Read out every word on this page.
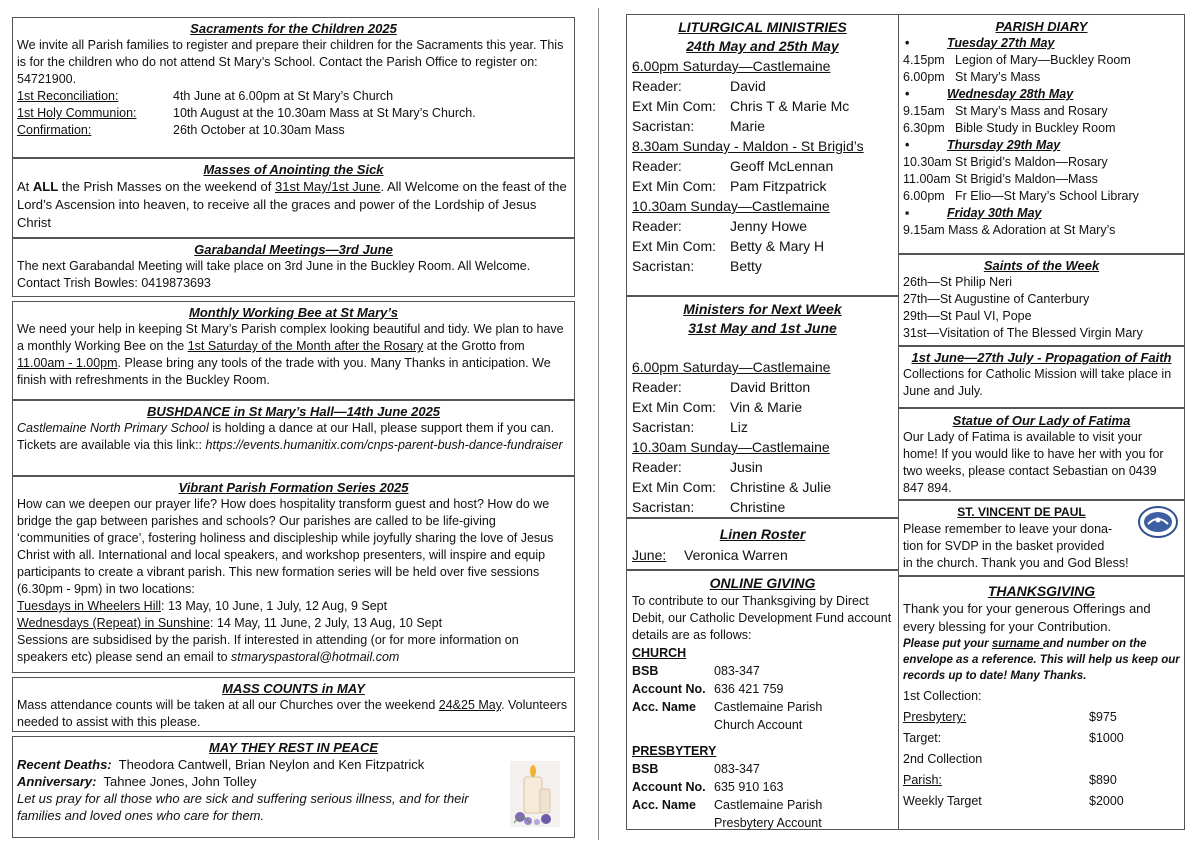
Sacraments for the Children 2025

We invite all Parish families to register and prepare their children for the Sacraments this year. This is for the children who do not attend St Mary’s School. Contact the Parish Office to register on: 54721900.

1st Reconciliation:	4th June at 6.00pm at St Mary’s Church
1st Holy Communion:	10th August at the 10.30am Mass at St Mary’s Church.
Confirmation:	26th October at 10.30am Mass
Masses of Anointing the Sick

At ALL the Prish Masses on the weekend of 31st May/1st June. All Welcome on the feast of the Lord’s Ascension into heaven, to receive all the graces and power of the Lordship of Jesus Christ

Garabandal Meetings—3rd June

The next Garabandal Meeting will take place on 3rd June in the Buckley Room. All Welcome. Contact Trish Bowles: 0419873693

Monthly Working Bee at St Mary’s

We need your help in keeping St Mary’s Parish complex looking beautiful and tidy. We plan to have a monthly Working Bee on the 1st Saturday of the Month after the Rosary at the Grotto from 11.00am - 1.00pm. Please bring any tools of the trade with you. Many Thanks in anticipation. We finish with refreshments in the Buckley Room.

BUSHDANCE in St Mary’s Hall—14th June 2025

Castlemaine North Primary School is holding a dance at our Hall, please support them if you can. Tickets are available via this link:: https://events.humanitix.com/cnps-parent-bush-dance-fundraiser

Vibrant Parish Formation Series 2025

How can we deepen our prayer life? How does hospitality transform guest and host? How do we bridge the gap between parishes and schools? Our parishes are called to be life-giving ‘communities of grace’, fostering holiness and discipleship while joyfully sharing the love of Jesus Christ with all. International and local speakers, and workshop presenters, will inspire and equip participants to create a vibrant parish. This new formation series will be held over five sessions (6.30pm - 9pm) in two locations:

Tuesdays in Wheelers Hill: 13 May, 10 June, 1 July, 12 Aug, 9 Sept

Wednesdays (Repeat) in Sunshine: 14 May, 11 June, 2 July, 13 Aug, 10 Sept

Sessions are subsidised by the parish. If interested in attending (or for more information on speakers etc) please send an email to stmaryspastoral@hotmail.com

MASS COUNTS in MAY

Mass attendance counts will be taken at all our Churches over the weekend 24&25 May. Volunteers needed to assist with this please.

MAY THEY REST IN PEACE

Recent Deaths: Theodora Cantwell, Brian Neylon and Ken Fitzpatrick

Anniversary: Tahnee Jones, John Tolley

Let us pray for all those who are sick and suffering serious illness, and for their families and loved ones who care for them.

LITURGICAL MINISTRIES
24th May and 25th May
6.00pm Saturday—Castlemaine
Reader:	David
Ext Min Com: Chris T & Marie Mc
Sacristan:	Marie
8.30am Sunday - Maldon - St Brigid’s
Reader:	Geoff McLennan
Ext Min Com: Pam Fitzpatrick
10.30am Sunday—Castlemaine
Reader:	Jenny Howe
Ext Min Com: Betty & Mary H
Sacristan:	Betty
Ministers for Next Week
31st May and 1st June
6.00pm Saturday—Castlemaine
Reader:	David Britton
Ext Min Com: Vin & Marie
Sacristan:	Liz
10.30am Sunday—Castlemaine
Reader:	Jusin
Ext Min Com: Christine & Julie
Sacristan:	Christine
Linen Roster
June:	Veronica Warren
ONLINE GIVING

To contribute to our Thanksgiving by Direct Debit, our Catholic Development Fund account details are as follows:

CHURCH
BSB	083-347
Account No. 636 421 759
Acc. Name	Castlemaine Parish
Church Account
PRESBYTERY
BSB	083-347
Account No. 635 910 163
Acc. Name	Castlemaine Parish
Presbytery Account
PARISH DIARY
•	Tuesday 27th May
4.15pm Legion of Mary—Buckley Room
6.00pm St Mary’s Mass
•	Wednesday 28th May
9.15am St Mary’s Mass and Rosary
6.30pm Bible Study in Buckley Room
•	Thursday 29th May
10.30am St Brigid’s Maldon—Rosary
11.00am St Brigid’s Maldon—Mass
6.00pm Fr Elio—St Mary’s School Library
▪	Friday 30th May
9.15am Mass & Adoration at St Mary’s
Saints of the Week
26th—St Philip Neri
27th—St Augustine of Canterbury
29th—St Paul VI, Pope
31st—Visitation of The Blessed Virgin Mary
1st June—27th July - Propagation of Faith

Collections for Catholic Mission will take place in June and July.

Statue of Our Lady of Fatima

Our Lady of Fatima is available to visit your home! If you would like to have her with you for two weeks, please contact Sebastian on 0439 847 894.

ST. VINCENT DE PAUL
Please remember to leave your dona-
tion for SVDP in the basket provided
in the church. Thank you and God Bless!
THANKSGIVING

Thank you for your generous Offerings and every blessing for your Contribution.

Please put your surname and number on the envelope as a reference. This will help us keep our records up to date! Many Thanks.

1st Collection:
Presbytery:	$975
Target:	$1000
2nd Collection
Parish:	$890
Weekly Target	$2000
